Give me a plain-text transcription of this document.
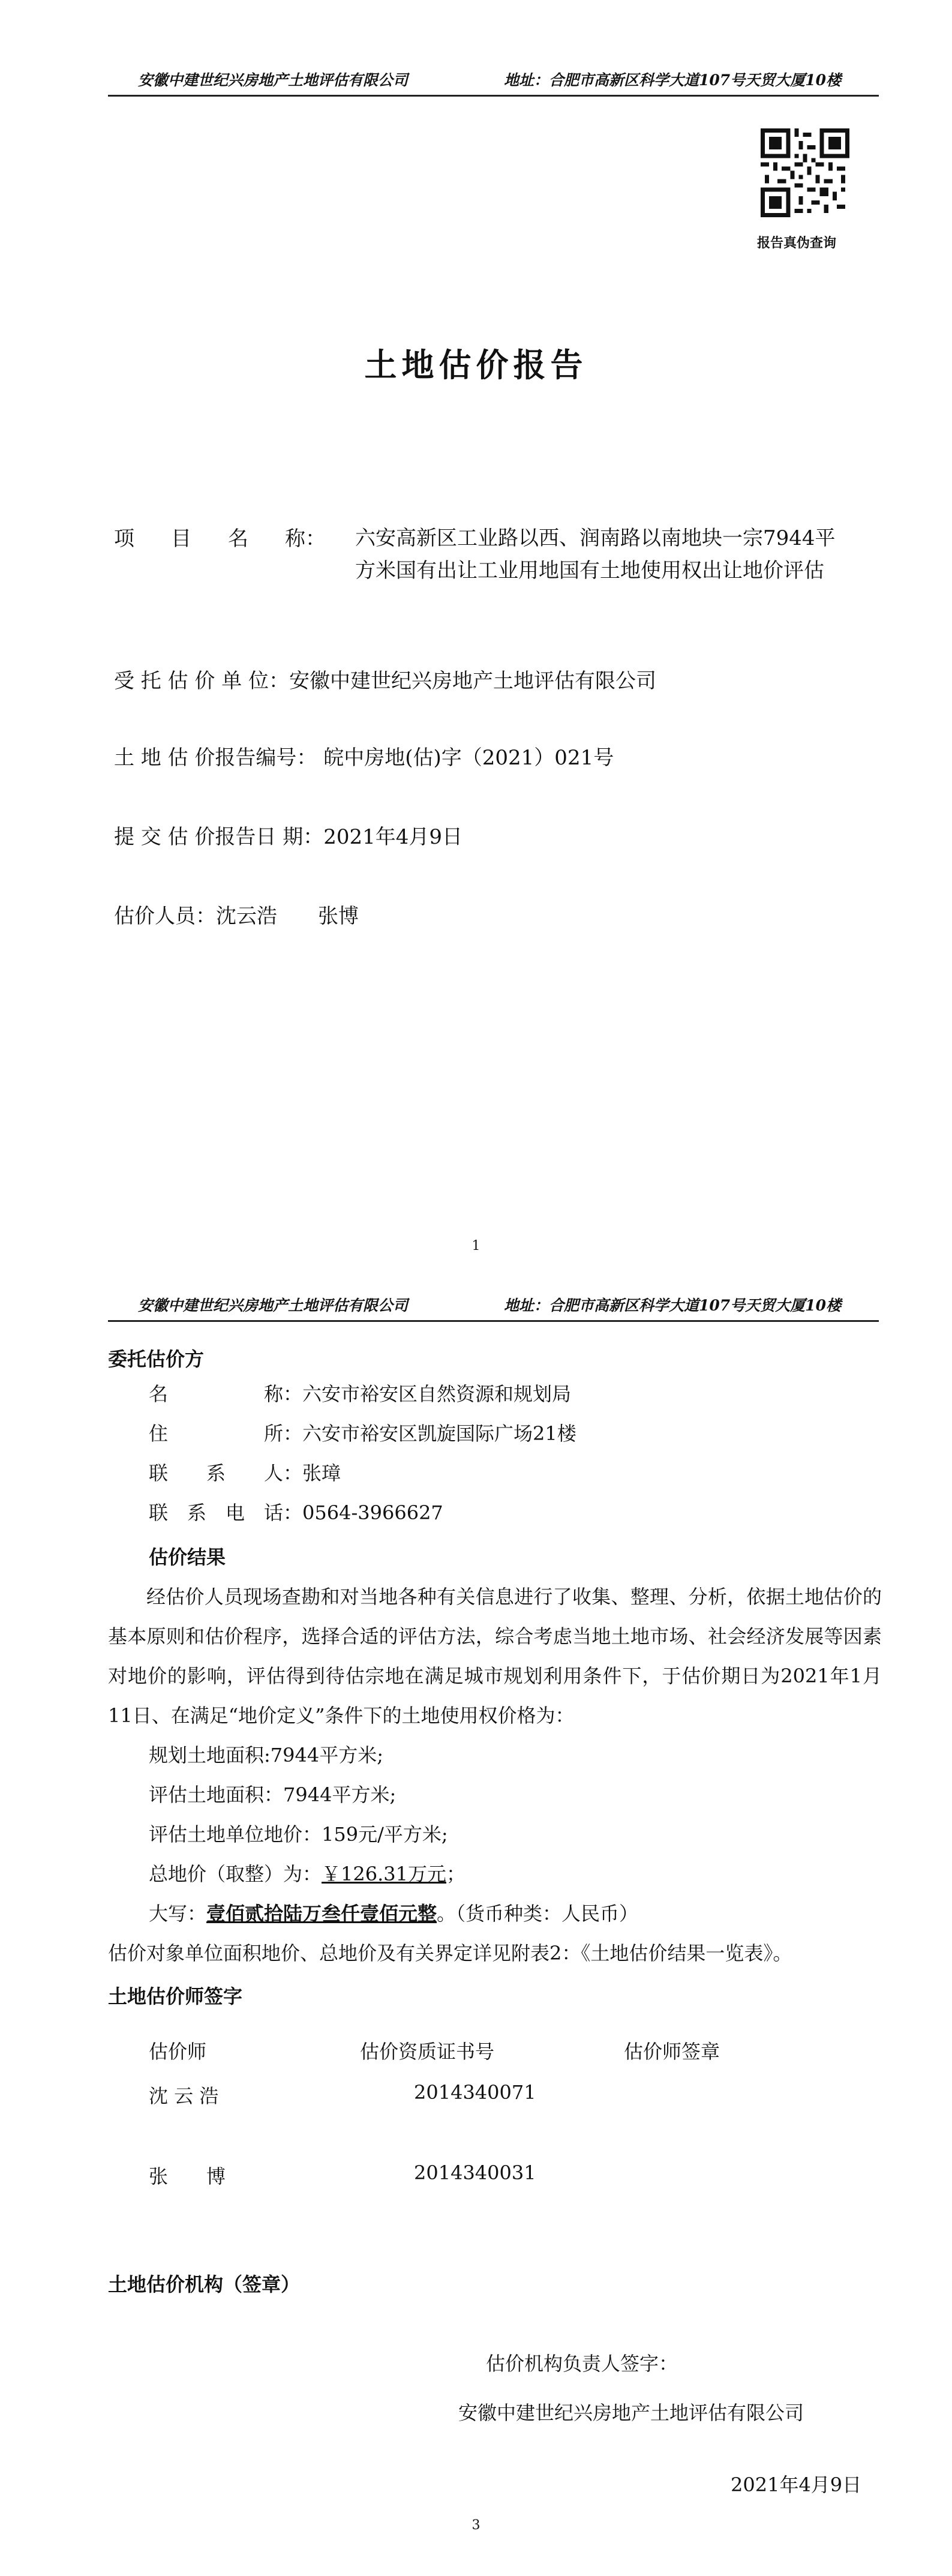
安徽中建世纪兴房地产土地评估有限公司	地址：合肥市高新区科学大道107号天贸大厦10楼
报告真伪查询
土地估价报告
项 目 名 称：	六安高新区工业路以西、润南路以南地块一宗7944平方米国有出让工业用地国有土地使用权出让地价评估
受 托 估 价 单 位：安徽中建世纪兴房地产土地评估有限公司
土 地 估 价报告编号： 皖中房地(估)字（2021）021号
提 交 估 价报告日 期：2021年4月9日
估价人员：沈云浩　　张博
1
安徽中建世纪兴房地产土地评估有限公司	地址：合肥市高新区科学大道107号天贸大厦10楼
委托估价方
名　　　　　称：六安市裕安区自然资源和规划局
住　　　　　所：六安市裕安区凯旋国际广场21楼
联　　系　　人：张璋
联　系　电　话：0564-3966627
估价结果
经估价人员现场查勘和对当地各种有关信息进行了收集、整理、分析，依据土地估价的基本原则和估价程序，选择合适的评估方法，综合考虑当地土地市场、社会经济发展等因素对地价的影响，评估得到待估宗地在满足城市规划利用条件下，于估价期日为2021年1月11日、在满足“地价定义”条件下的土地使用权价格为：
规划土地面积:7944平方米;
评估土地面积：7944平方米;
评估土地单位地价：159元/平方米;
总地价（取整）为：￥126.31万元；
大写：壹佰贰拾陆万叁仟壹佰元整。（货币种类：人民币）
估价对象单位面积地价、总地价及有关界定详见附表2：《土地估价结果一览表》。
土地估价师签字
估价师	估价资质证书号	估价师签章
沈 云 浩	2014340071
张　　博	2014340031
土地估价机构（签章）
估价机构负责人签字：
安徽中建世纪兴房地产土地评估有限公司
2021年4月9日
3
